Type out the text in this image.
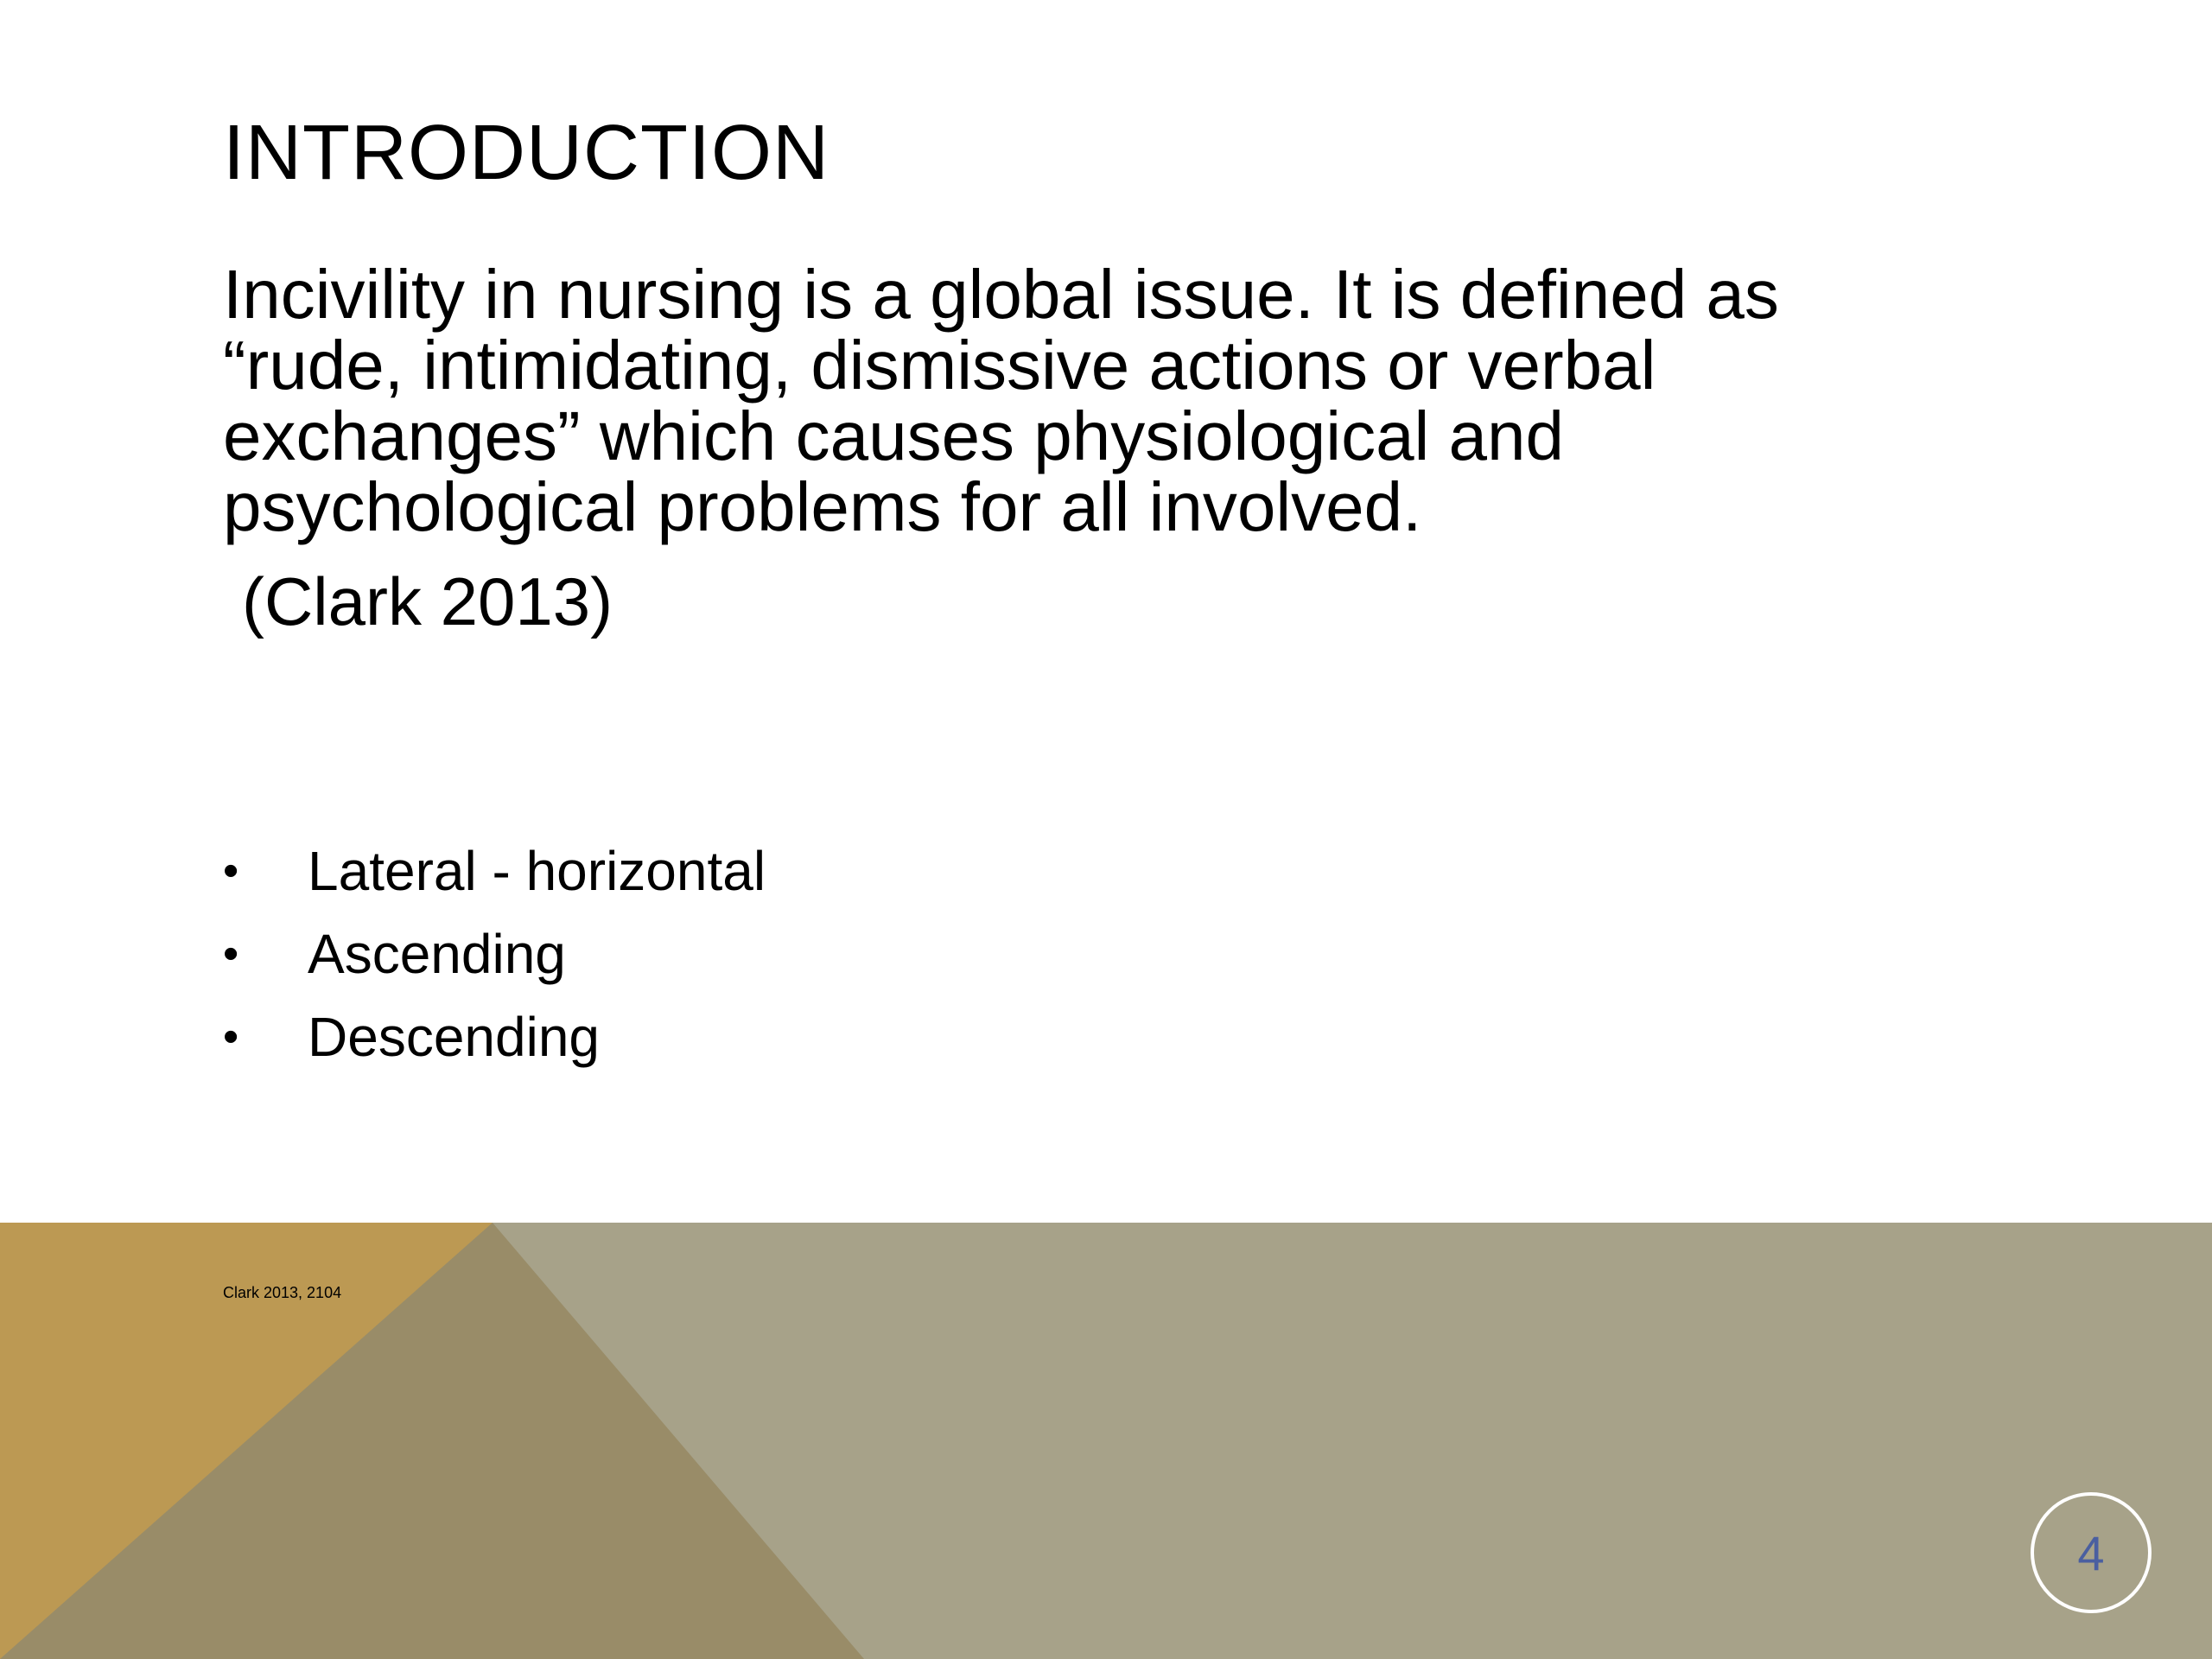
INTRODUCTION

Incivility in nursing is a global issue. It is defined as “rude, intimidating, dismissive actions or verbal exchanges” which causes physiological and psychological problems for all involved.

(Clark 2013)

•	Lateral - horizontal
•	Ascending
•	Descending

Clark 2013, 2104

4
